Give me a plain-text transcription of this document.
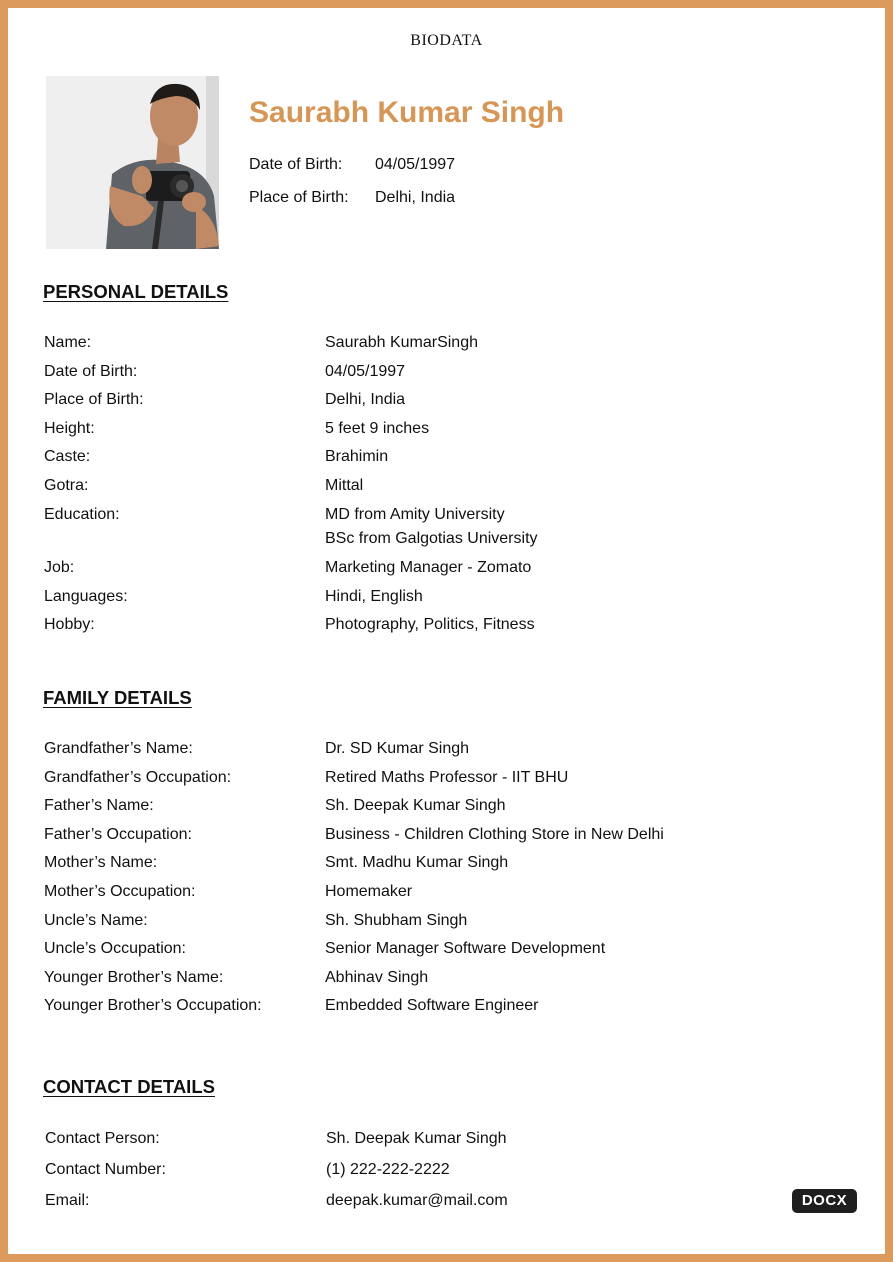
BIODATA
Saurabh Kumar Singh
Date of Birth: 04/05/1997
Place of Birth: Delhi, India
PERSONAL DETAILS
Name:	Saurabh KumarSingh
Date of Birth:	04/05/1997
Place of Birth:	Delhi, India
Height:	5 feet 9 inches
Caste:	Brahimin
Gotra:	Mittal
Education:	MD from Amity University
BSc from Galgotias University
Job:	Marketing Manager - Zomato
Languages:	Hindi, English
Hobby:	Photography, Politics, Fitness
FAMILY DETAILS
Grandfather’s Name:	Dr. SD Kumar Singh
Grandfather’s Occupation:	Retired Maths Professor - IIT BHU
Father’s Name:	Sh. Deepak Kumar Singh
Father’s Occupation:	Business - Children Clothing Store in New Delhi
Mother’s Name:	Smt. Madhu Kumar Singh
Mother’s Occupation:	Homemaker
Uncle’s Name:	Sh. Shubham Singh
Uncle’s Occupation:	Senior Manager Software Development
Younger Brother’s Name:	Abhinav Singh
Younger Brother’s Occupation:	Embedded Software Engineer
CONTACT DETAILS
Contact Person:	Sh. Deepak Kumar Singh
Contact Number:	(1) 222-222-2222
Email:	deepak.kumar@mail.com	DOCX
